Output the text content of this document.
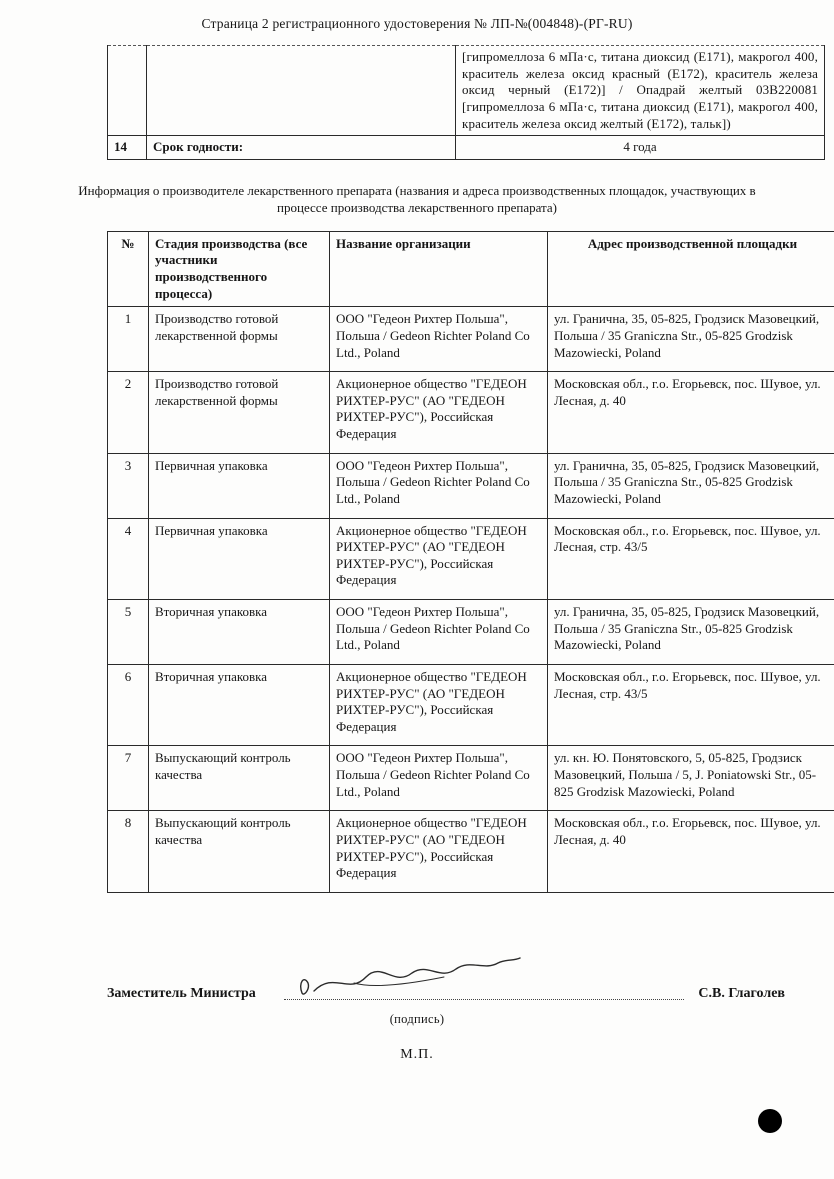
Страница 2 регистрационного удостоверения № ЛП-№(004848)-(РГ-RU)
		[гипромеллоза 6 мПа·с, титана диоксид (Е171), макрогол 400, краситель железа оксид красный (Е172), краситель железа оксид черный (Е172)] / Опадрай желтый 03В220081 [гипромеллоза 6 мПа·с, титана диоксид (Е171), макрогол 400, краситель железа оксид желтый (Е172), тальк])
14	Срок годности:	4 года
Информация о производителе лекарственного препарата (названия и адреса производственных площадок, участвующих в процессе производства лекарственного препарата)
№	Стадия производства (все участники производственного процесса)	Название организации	Адрес производственной площадки
1	Производство готовой лекарственной формы	ООО "Гедеон Рихтер Польша", Польша / Gedeon Richter Poland Co Ltd., Poland	ул. Гранична, 35, 05-825, Гродзиск Мазовецкий, Польша / 35 Graniczna Str., 05-825 Grodzisk Mazowiecki, Poland
2	Производство готовой лекарственной формы	Акционерное общество "ГЕДЕОН РИХТЕР-РУС" (АО "ГЕДЕОН РИХТЕР-РУС"), Российская Федерация	Московская обл., г.о. Егорьевск, пос. Шувое, ул. Лесная, д. 40
3	Первичная упаковка	ООО "Гедеон Рихтер Польша", Польша / Gedeon Richter Poland Co Ltd., Poland	ул. Гранична, 35, 05-825, Гродзиск Мазовецкий, Польша / 35 Graniczna Str., 05-825 Grodzisk Mazowiecki, Poland
4	Первичная упаковка	Акционерное общество "ГЕДЕОН РИХТЕР-РУС" (АО "ГЕДЕОН РИХТЕР-РУС"), Российская Федерация	Московская обл., г.о. Егорьевск, пос. Шувое, ул. Лесная, стр. 43/5
5	Вторичная упаковка	ООО "Гедеон Рихтер Польша", Польша / Gedeon Richter Poland Co Ltd., Poland	ул. Гранична, 35, 05-825, Гродзиск Мазовецкий, Польша / 35 Graniczna Str., 05-825 Grodzisk Mazowiecki, Poland
6	Вторичная упаковка	Акционерное общество "ГЕДЕОН РИХТЕР-РУС" (АО "ГЕДЕОН РИХТЕР-РУС"), Российская Федерация	Московская обл., г.о. Егорьевск, пос. Шувое, ул. Лесная, стр. 43/5
7	Выпускающий контроль качества	ООО "Гедеон Рихтер Польша", Польша / Gedeon Richter Poland Co Ltd., Poland	ул. кн. Ю. Понятовского, 5, 05-825, Гродзиск Мазовецкий, Польша / 5, J. Poniatowski Str., 05-825 Grodzisk Mazowiecki, Poland
8	Выпускающий контроль качества	Акционерное общество "ГЕДЕОН РИХТЕР-РУС" (АО "ГЕДЕОН РИХТЕР-РУС"), Российская Федерация	Московская обл., г.о. Егорьевск, пос. Шувое, ул. Лесная, д. 40
Заместитель Министра	С.В. Глаголев
(подпись)
М.П.
